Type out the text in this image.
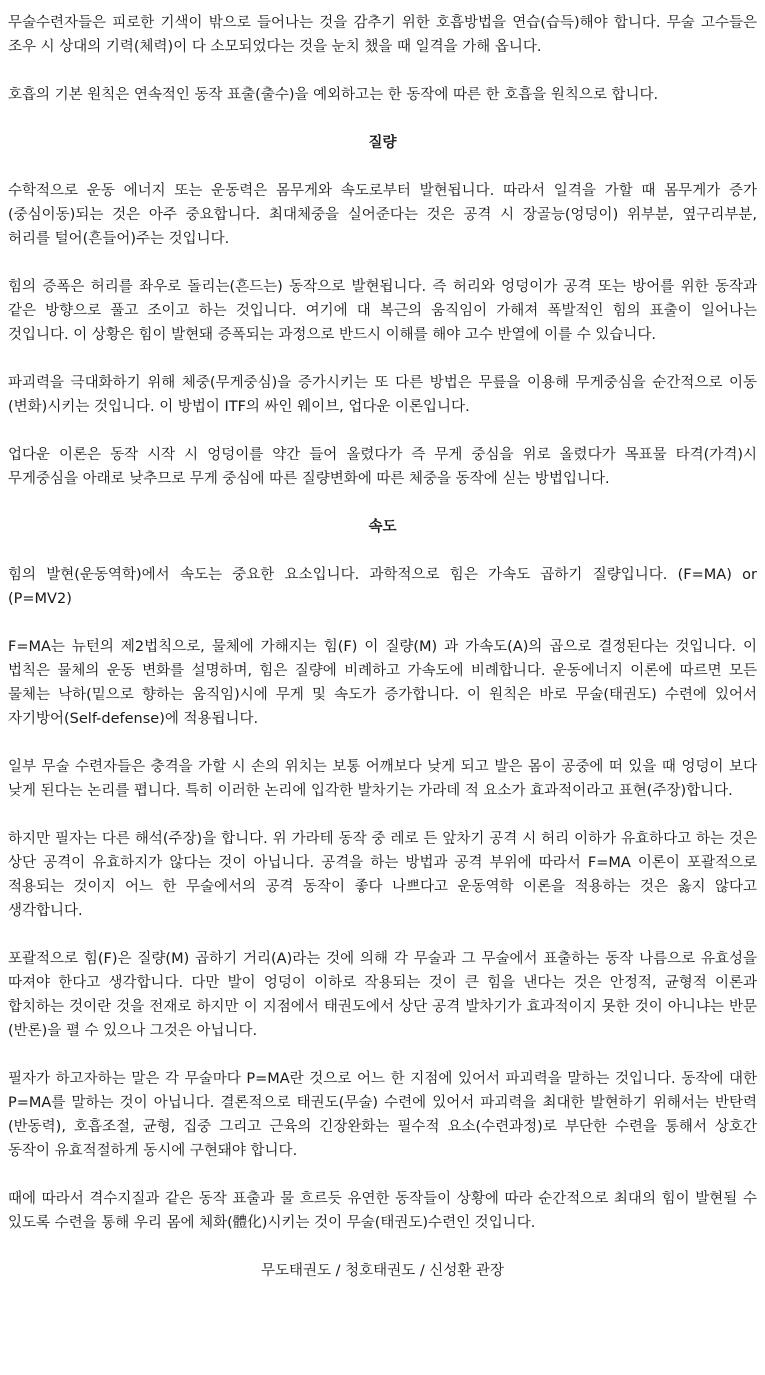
무술수련자들은 피로한 기색이 밖으로 들어나는 것을 감추기 위한 호흡방법을 연습(습득)해야 합니다. 무술 고수들은 조우 시 상대의 기력(체력)이 다 소모되었다는 것을 눈치 챘을 때 일격을 가해 옵니다.

호흡의 기본 원칙은 연속적인 동작 표출(출수)을 예외하고는 한 동작에 따른 한 호흡을 원칙으로 합니다.

질량

수학적으로 운동 에너지 또는 운동력은 몸무게와 속도로부터 발현됩니다. 따라서 일격을 가할 때 몸무게가 증가(중심이동)되는 것은 아주 중요합니다. 최대체중을 실어준다는 것은 공격 시 장골능(엉덩이) 위부분, 옆구리부분, 허리를 털어(흔들어)주는 것입니다.

힘의 증폭은 허리를 좌우로 돌리는(흔드는) 동작으로 발현됩니다. 즉 허리와 엉덩이가 공격 또는 방어를 위한 동작과 같은 방향으로 풀고 조이고 하는 것입니다. 여기에 대 복근의 움직임이 가해져 폭발적인 힘의 표출이 일어나는 것입니다. 이 상황은 힘이 발현돼 증폭되는 과정으로 반드시 이해를 해야 고수 반열에 이를 수 있습니다.

파괴력을 극대화하기 위해 체중(무게중심)을 증가시키는 또 다른 방법은 무릎을 이용해 무게중심을 순간적으로 이동(변화)시키는 것입니다. 이 방법이 ITF의 싸인 웨이브, 업다운 이론입니다.

업다운 이론은 동작 시작 시 엉덩이를 약간 들어 올렸다가 즉 무게 중심을 위로 올렸다가 목표물 타격(가격)시 무게중심을 아래로 낮추므로 무게 중심에 따른 질량변화에 따른 체중을 동작에 싣는 방법입니다.

속도

힘의 발현(운동역학)에서 속도는 중요한 요소입니다. 과학적으로 힘은 가속도 곱하기 질량입니다. (F=MA) or (P=MV2)

F=MA는 뉴턴의 제2법칙으로, 물체에 가해지는 힘(F) 이 질량(M) 과 가속도(A)의 곱으로 결정된다는 것입니다. 이 법칙은 물체의 운동 변화를 설명하며, 힘은 질량에 비례하고 가속도에 비례합니다. 운동에너지 이론에 따르면 모든 물체는 낙하(밑으로 향하는 움직임)시에 무게 및 속도가 증가합니다. 이 원칙은 바로 무술(태권도) 수련에 있어서 자기방어(Self-defense)에 적용됩니다.

일부 무술 수련자들은 충격을 가할 시 손의 위치는 보통 어깨보다 낮게 되고 발은 몸이 공중에 떠 있을 때 엉덩이 보다 낮게 된다는 논리를 폅니다. 특히 이러한 논리에 입각한 발차기는 가라데 적 요소가 효과적이라고 표현(주장)합니다.

하지만 필자는 다른 해석(주장)을 합니다. 위 가라테 동작 중 레로 든 앞차기 공격 시 허리 이하가 유효하다고 하는 것은 상단 공격이 유효하지가 않다는 것이 아닙니다. 공격을 하는 방법과 공격 부위에 따라서 F=MA 이론이 포괄적으로 적용되는 것이지 어느 한 무술에서의 공격 동작이 좋다 나쁘다고 운동역학 이론을 적용하는 것은 옳지 않다고 생각합니다.

포괄적으로 힘(F)은 질량(M) 곱하기 거리(A)라는 것에 의해 각 무술과 그 무술에서 표출하는 동작 나름으로 유효성을 따져야 한다고 생각합니다. 다만 발이 엉덩이 이하로 작용되는 것이 큰 힘을 낸다는 것은 안정적, 균형적 이론과 합치하는 것이란 것을 전재로 하지만 이 지점에서 태권도에서 상단 공격 발차기가 효과적이지 못한 것이 아니냐는 반문(반론)을 펼 수 있으나 그것은 아닙니다.

필자가 하고자하는 말은 각 무술마다 P=MA란 것으로 어느 한 지점에 있어서 파괴력을 말하는 것입니다. 동작에 대한 P=MA를 말하는 것이 아닙니다. 결론적으로 태권도(무술) 수련에 있어서 파괴력을 최대한 발현하기 위해서는 반탄력(반동력), 호흡조절, 균형, 집중 그리고 근육의 긴장완화는 필수적 요소(수련과정)로 부단한 수련을 통해서 상호간 동작이 유효적절하게 동시에 구현돼야 합니다.

때에 따라서 격수지질과 같은 동작 표출과 물 흐르듯 유연한 동작들이 상황에 따라 순간적으로 최대의 힘이 발현될 수 있도록 수련을 통해 우리 몸에 체화(體化)시키는 것이 무술(태권도)수련인 것입니다.

무도태권도 / 청호태권도 / 신성환 관장
